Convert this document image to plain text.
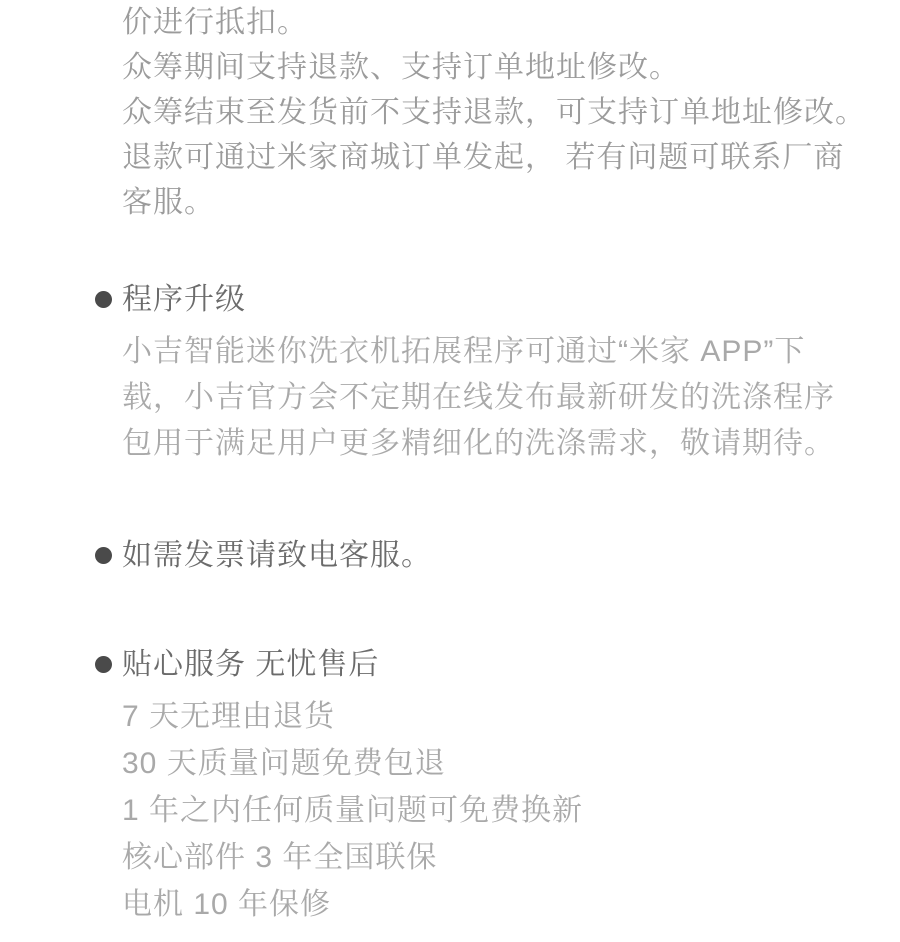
价进行抵扣。
众筹期间支持退款、支持订单地址修改。
众筹结束至发货前不支持退款，可支持订单地址修改。
退款可通过米家商城订单发起， 若有问题可联系厂商
客服。
程序升级
小吉智能迷你洗衣机拓展程序可通过“米家 APP”下
载，小吉官方会不定期在线发布最新研发的洗涤程序
包用于满足用户更多精细化的洗涤需求，敬请期待。
如需发票请致电客服。
贴心服务 无忧售后
7 天无理由退货
30 天质量问题免费包退
1 年之内任何质量问题可免费换新
核心部件 3 年全国联保
电机 10 年保修
